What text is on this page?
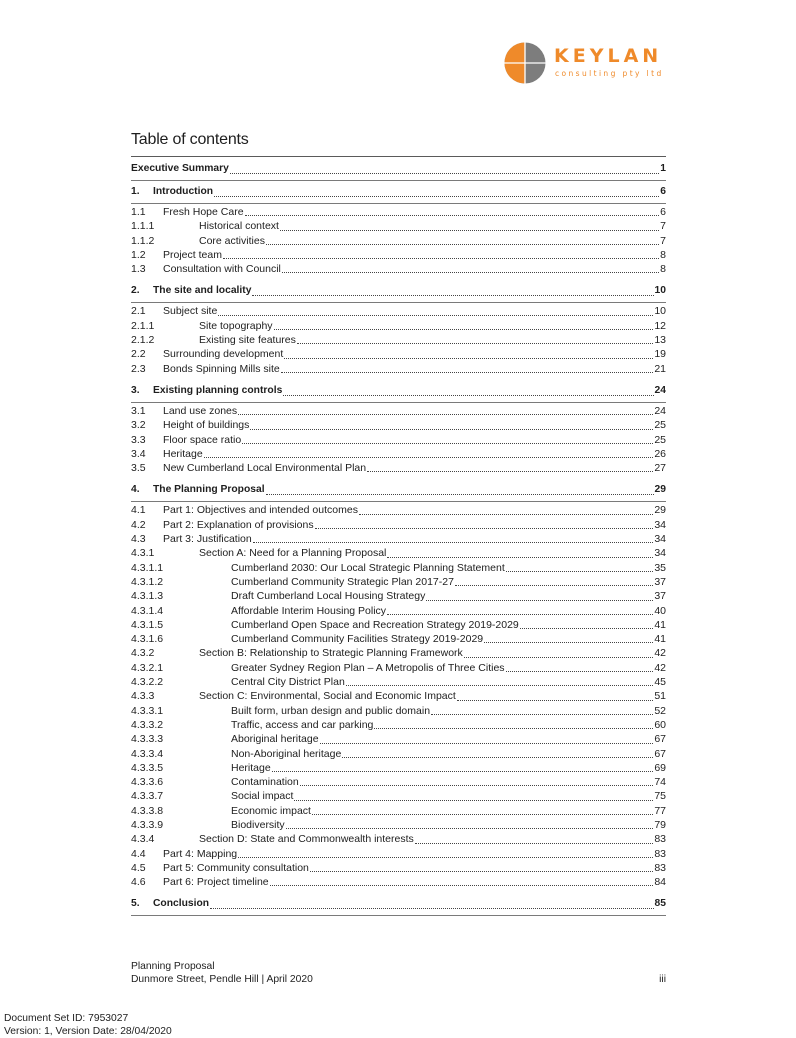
KEYLAN
consulting pty ltd
Table of contents
Executive Summary	1
1.	Introduction	6
1.1	Fresh Hope Care	6
1.1.1	Historical context	7
1.1.2	Core activities	7
1.2	Project team	8
1.3	Consultation with Council	8
2.	The site and locality	10
2.1	Subject site	10
2.1.1	Site topography	12
2.1.2	Existing site features	13
2.2	Surrounding development	19
2.3	Bonds Spinning Mills site	21
3.	Existing planning controls	24
3.1	Land use zones	24
3.2	Height of buildings	25
3.3	Floor space ratio	25
3.4	Heritage	26
3.5	New Cumberland Local Environmental Plan	27
4.	The Planning Proposal	29
4.1	Part 1: Objectives and intended outcomes	29
4.2	Part 2: Explanation of provisions	34
4.3	Part 3: Justification	34
4.3.1	Section A: Need for a Planning Proposal	34
4.3.1.1	Cumberland 2030: Our Local Strategic Planning Statement	35
4.3.1.2	Cumberland Community Strategic Plan 2017-27	37
4.3.1.3	Draft Cumberland Local Housing Strategy	37
4.3.1.4	Affordable Interim Housing Policy	40
4.3.1.5	Cumberland Open Space and Recreation Strategy 2019-2029	41
4.3.1.6	Cumberland Community Facilities Strategy 2019-2029	41
4.3.2	Section B: Relationship to Strategic Planning Framework	42
4.3.2.1	Greater Sydney Region Plan – A Metropolis of Three Cities	42
4.3.2.2	Central City District Plan	45
4.3.3	Section C: Environmental, Social and Economic Impact	51
4.3.3.1	Built form, urban design and public domain	52
4.3.3.2	Traffic, access and car parking	60
4.3.3.3	Aboriginal heritage	67
4.3.3.4	Non-Aboriginal heritage	67
4.3.3.5	Heritage	69
4.3.3.6	Contamination	74
4.3.3.7	Social impact	75
4.3.3.8	Economic impact	77
4.3.3.9	Biodiversity	79
4.3.4	Section D: State and Commonwealth interests	83
4.4	Part 4: Mapping	83
4.5	Part 5: Community consultation	83
4.6	Part 6: Project timeline	84
5.	Conclusion	85
Planning Proposal
Dunmore Street, Pendle Hill | April 2020	iii
Document Set ID: 7953027
Version: 1, Version Date: 28/04/2020
